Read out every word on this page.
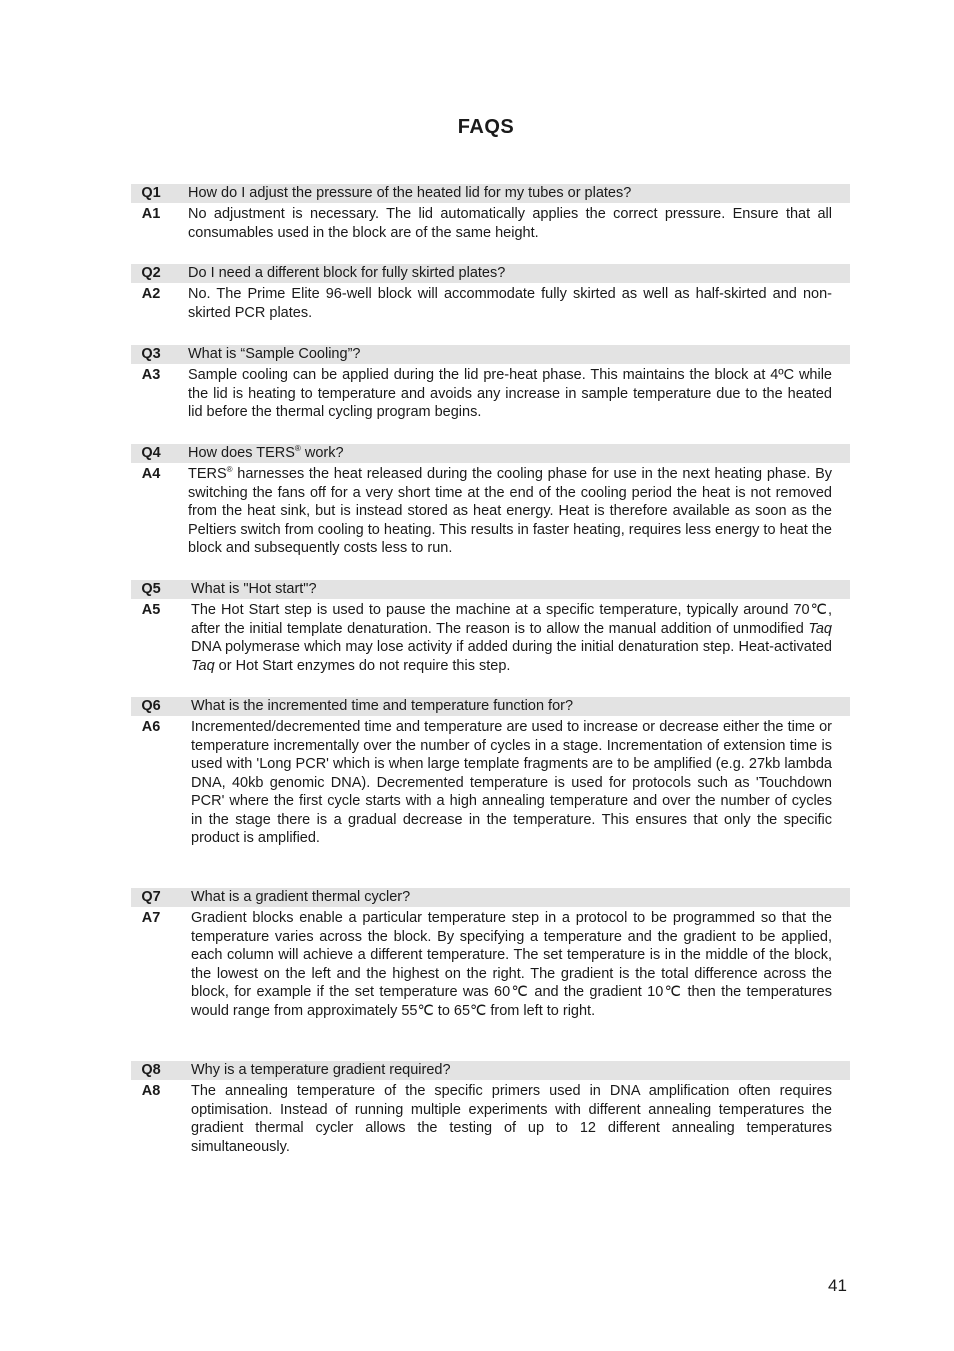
FAQS
Q1	How do I adjust the pressure of the heated lid for my tubes or plates?
A1	No adjustment is necessary. The lid automatically applies the correct pressure. Ensure that all consumables used in the block are of the same height.
Q2	Do I need a different block for fully skirted plates?
A2	No. The Prime Elite 96-well block will accommodate fully skirted as well as half-skirted and non-skirted PCR plates.
Q3	What is “Sample Cooling”?
A3	Sample cooling can be applied during the lid pre-heat phase. This maintains the block at 4ºC while the lid is heating to temperature and avoids any increase in sample temperature due to the heated lid before the thermal cycling program begins.
Q4	How does TERS® work?
A4	TERS® harnesses the heat released during the cooling phase for use in the next heating phase. By switching the fans off for a very short time at the end of the cooling period the heat is not removed from the heat sink, but is instead stored as heat energy. Heat is therefore available as soon as the Peltiers switch from cooling to heating. This results in faster heating, requires less energy to heat the block and subsequently costs less to run.
Q5	What is "Hot start"?
A5	The Hot Start step is used to pause the machine at a specific temperature, typically around 70℃, after the initial template denaturation. The reason is to allow the manual addition of unmodified Taq DNA polymerase which may lose activity if added during the initial denaturation step. Heat-activated Taq or Hot Start enzymes do not require this step.
Q6	What is the incremented time and temperature function for?
A6	Incremented/decremented time and temperature are used to increase or decrease either the time or temperature incrementally over the number of cycles in a stage. Incrementation of extension time is used with 'Long PCR' which is when large template fragments are to be amplified (e.g. 27kb lambda DNA, 40kb genomic DNA). Decremented temperature is used for protocols such as 'Touchdown PCR' where the first cycle starts with a high annealing temperature and over the number of cycles in the stage there is a gradual decrease in the temperature. This ensures that only the specific product is amplified.
Q7	What is a gradient thermal cycler?
A7	Gradient blocks enable a particular temperature step in a protocol to be programmed so that the temperature varies across the block. By specifying a temperature and the gradient to be applied, each column will achieve a different temperature. The set temperature is in the middle of the block, the lowest on the left and the highest on the right. The gradient is the total difference across the block, for example if the set temperature was 60℃ and the gradient 10℃ then the temperatures would range from approximately 55℃ to 65℃ from left to right.
Q8	Why is a temperature gradient required?
A8	The annealing temperature of the specific primers used in DNA amplification often requires optimisation. Instead of running multiple experiments with different annealing temperatures the gradient thermal cycler allows the testing of up to 12 different annealing temperatures simultaneously.
41
